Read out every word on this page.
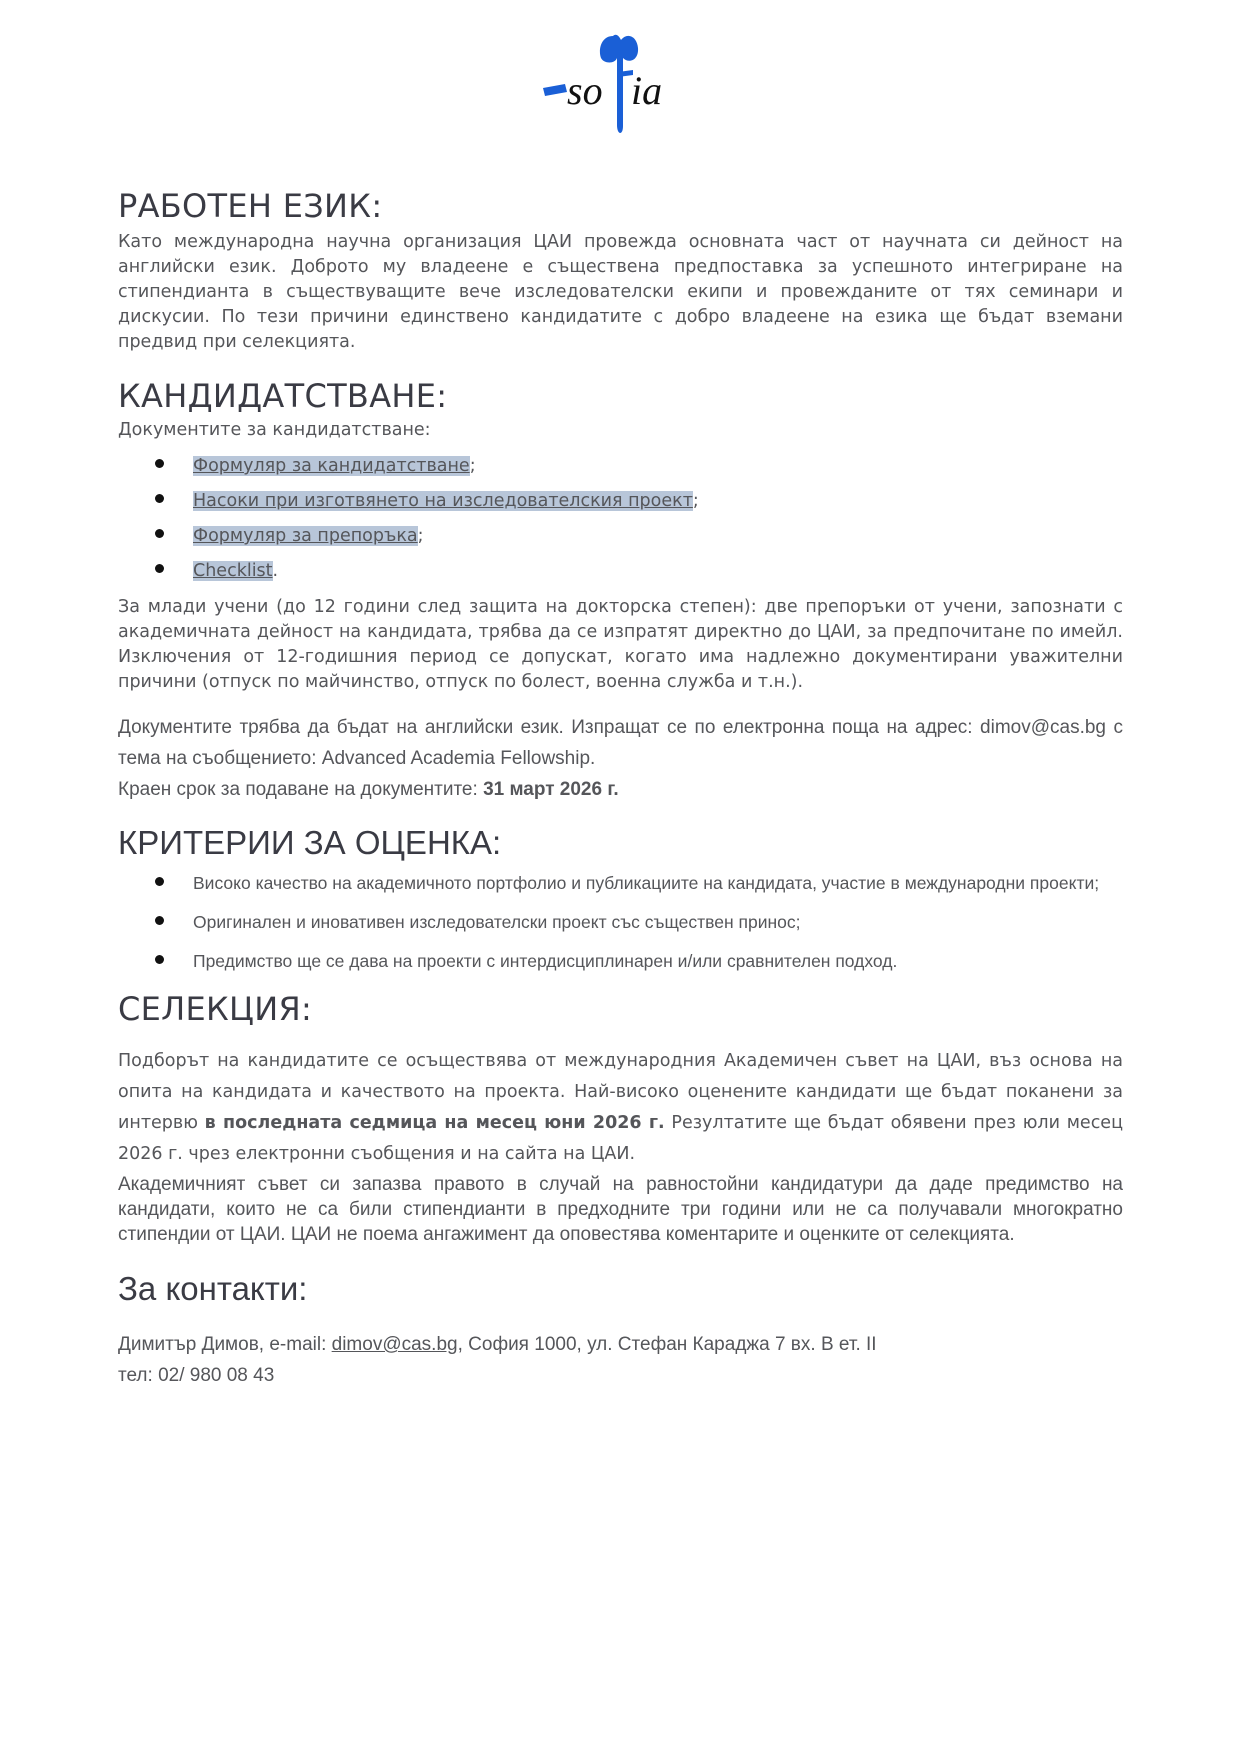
so ia
РАБОТЕН ЕЗИК:

Като международна научна организация ЦАИ провежда основната част от научната си дейност на английски език. Доброто му владеене е съществена предпоставка за успешното интегриране на стипендианта в съществуващите вече изследователски екипи и провежданите от тях семинари и дискусии. По тези причини единствено кандидатите с добро владеене на езика ще бъдат вземани предвид при селекцията.

КАНДИДАТСТВАНЕ:

Документите за кандидатстване:

Формуляр за кандидатстване;
Насоки при изготвянето на изследователския проект;
Формуляр за препоръка;
Checklist.

За млади учени (до 12 години след защита на докторска степен): две препоръки от учени, запознати с академичната дейност на кандидата, трябва да се изпратят директно до ЦАИ, за предпочитане по имейл. Изключения от 12-годишния период се допускат, когато има надлежно документирани уважителни причини (отпуск по майчинство, отпуск по болест, военна служба и т.н.).

Документите трябва да бъдат на английски език. Изпращат се по електронна поща на адрес: dimov@cas.bg с тема на съобщението: Advanced Academia Fellowship.

Краен срок за подаване на документите: 31 март 2026 г.

КРИТЕРИИ ЗА ОЦЕНКА:
Високо качество на академичното портфолио и публикациите на кандидата, участие в международни проекти;
Оригинален и иновативен изследователски проект със съществен принос;
Предимство ще се дава на проекти с интердисциплинарен и/или сравнителен подход.
СЕЛЕКЦИЯ:

Подборът на кандидатите се осъществява от международния Академичен съвет на ЦАИ, въз основа на опита на кандидата и качеството на проекта. Най-високо оценените кандидати ще бъдат поканени за интервю в последната седмица на месец юни 2026 г. Резултатите ще бъдат обявени през юли месец 2026 г. чрез електронни съобщения и на сайта на ЦАИ.

Академичният съвет си запазва правото в случай на равностойни кандидатури да даде предимство на кандидати, които не са били стипендианти в предходните три години или не са получавали многократно стипендии от ЦАИ. ЦАИ не поема ангажимент да оповестява коментарите и оценките от селекцията.

За контакти:

Димитър Димов, e-mail: dimov@cas.bg, София 1000, ул. Стефан Караджа 7 вх. В ет. II
тел: 02/ 980 08 43
